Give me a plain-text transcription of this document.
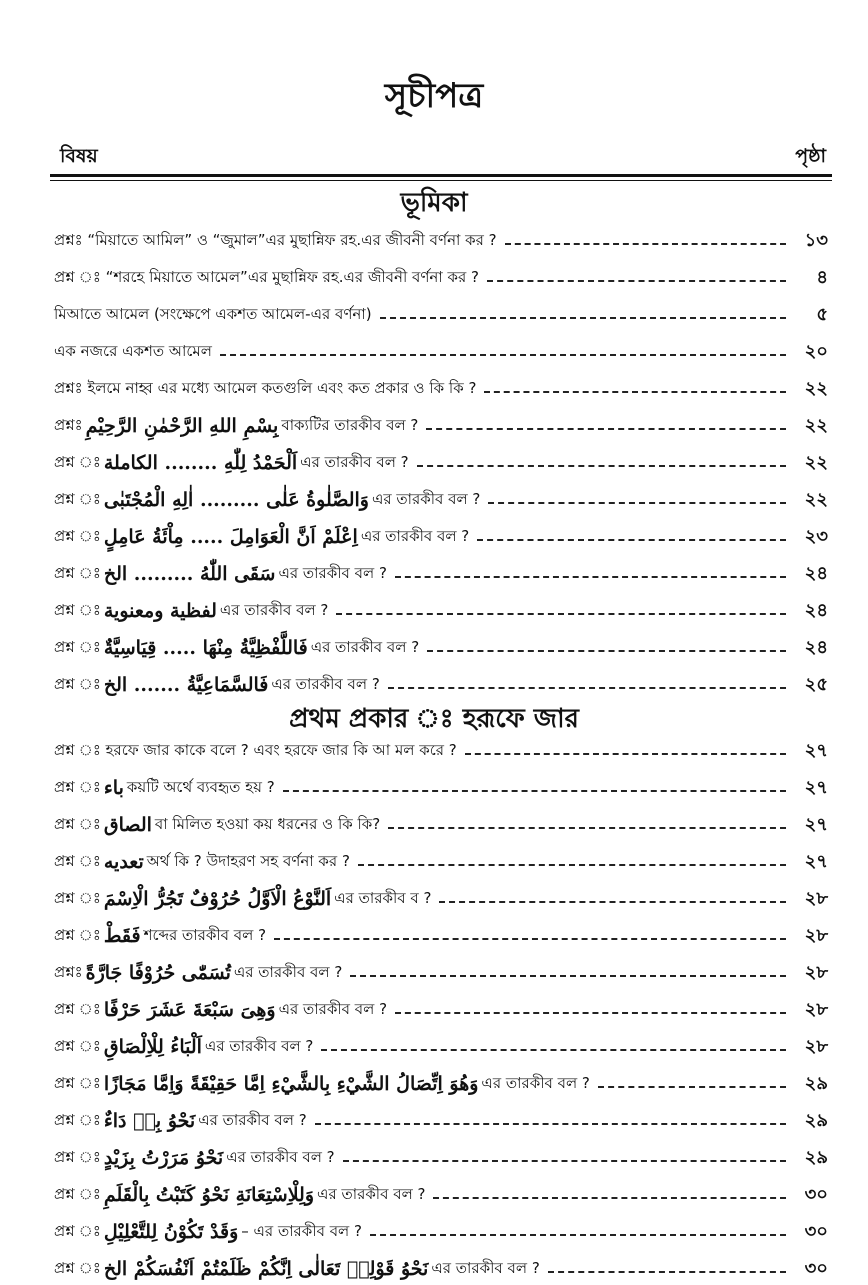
সূচীপত্র
বিষয়	পৃষ্ঠা
ভূমিকা
প্রশ্নঃ “মিয়াতে আমিল” ও “জুমাল”এর মুছান্নিফ রহ.এর জীবনী বর্ণনা কর ?	১৩
প্রশ্ন ঃ “শরহে মিয়াতে আমেল”এর মুছান্নিফ রহ.এর জীবনী বর্ণনা কর ?	৪
মিআতে আমেল (সংক্ষেপে একশত আমেল-এর বর্ণনা)	৫
এক নজরে একশত আমেল	২০
প্রশ্নঃ ইলমে নাহ্ব এর মধ্যে আমেল কতগুলি এবং কত প্রকার ও কি কি ?	২২
প্রশ্নঃ بِسْمِ اللهِ الرَّحْمٰنِ الرَّحِيْمِ বাক্যটির তারকীব বল ?	২২
প্রশ্ন ঃ اَلْحَمْدُ لِلّٰهِ ........ الكاملة এর তারকীব বল ?	২২
প্রশ্ন ঃ وَالصَّلٰوةُ عَلٰى ......... اٰلِهِ الْمُجْتَبٰى এর তারকীব বল ?	২২
প্রশ্ন ঃ اِعْلَمْ اَنَّ الْعَوَامِلَ ..... مِاْئَةُ عَامِلٍ এর তারকীব বল ?	২৩
প্রশ্ন ঃ سَقَى اللّٰهُ ......... الخ এর তারকীব বল ?	২৪
প্রশ্ন ঃ لفظية ومعنوية এর তারকীব বল ?	২৪
প্রশ্ন ঃ فَاللَّفْظِيَّةُ مِنْهَا ..... قِيَاسِيَّةٌ এর তারকীব বল ?	২৪
প্রশ্ন ঃ فَالسَّمَاعِيَّةُ ....... الخ এর তারকীব বল ?	২৫
প্রথম প্রকার ঃ হরূফে জার
প্রশ্ন ঃ হরফে জার কাকে বলে ? এবং হরফে জার কি আ মল করে ?	২৭
প্রশ্ন ঃ باء কয়টি অর্থে ব্যবহৃত হয় ?	২৭
প্রশ্ন ঃ الصاق বা মিলিত হওয়া কয় ধরনের ও কি কি?	২৭
প্রশ্ন ঃ تعديه অর্থ কি ? উদাহরণ সহ বর্ণনা কর ?	২৭
প্রশ্ন ঃ اَلنَّوْعُ الْاَوَّلُ حُرُوْفٌ تَجُرُّ الْاِسْمَ এর তারকীব ব ?	২৮
প্রশ্ন ঃ فَقَطْ শব্দের তারকীব বল ?	২৮
প্রশ্নঃ تُسَمّٰى حُرُوْفًا جَارَّةً এর তারকীব বল ?	২৮
প্রশ্ন ঃ وَهِىَ سَبْعَةَ عَشَرَ حَرْفًا এর তারকীব বল ?	২৮
প্রশ্ন ঃ اَلْبَاءُ لِلْاِلْصَاقِ এর তারকীব বল ?	২৮
প্রশ্ন ঃ وَهُوَ اِتِّصَالُ الشَّيْءِ بِالشَّيْءِ اِمَّا حَقِيْقَةً وَاِمَّا مَجَازًا এর তারকীব বল ?	২৯
প্রশ্ন ঃ نَحْوُ بِهٖ دَاءٌ এর তারকীব বল ?	২৯
প্রশ্ন ঃ نَحْوُ مَرَرْتُ بِزَيْدٍ এর তারকীব বল ?	২৯
প্রশ্ন ঃ وَلِلْاِسْتِعَانَةِ نَحْوُ كَتَبْتُ بِالْقَلَمِ এর তারকীব বল ?	৩০
প্রশ্ন ঃ وَقَدْ تَكُوْنُ لِلتَّعْلِيْلِ – এর তারকীব বল ?	৩০
প্রশ্ন ঃ نَحْوُ قَوْلِهٖ تَعَالٰى اِنَّكُمْ ظَلَمْتُمْ اَنْفُسَكُمْ الخ এর তারকীব বল ?	৩০
